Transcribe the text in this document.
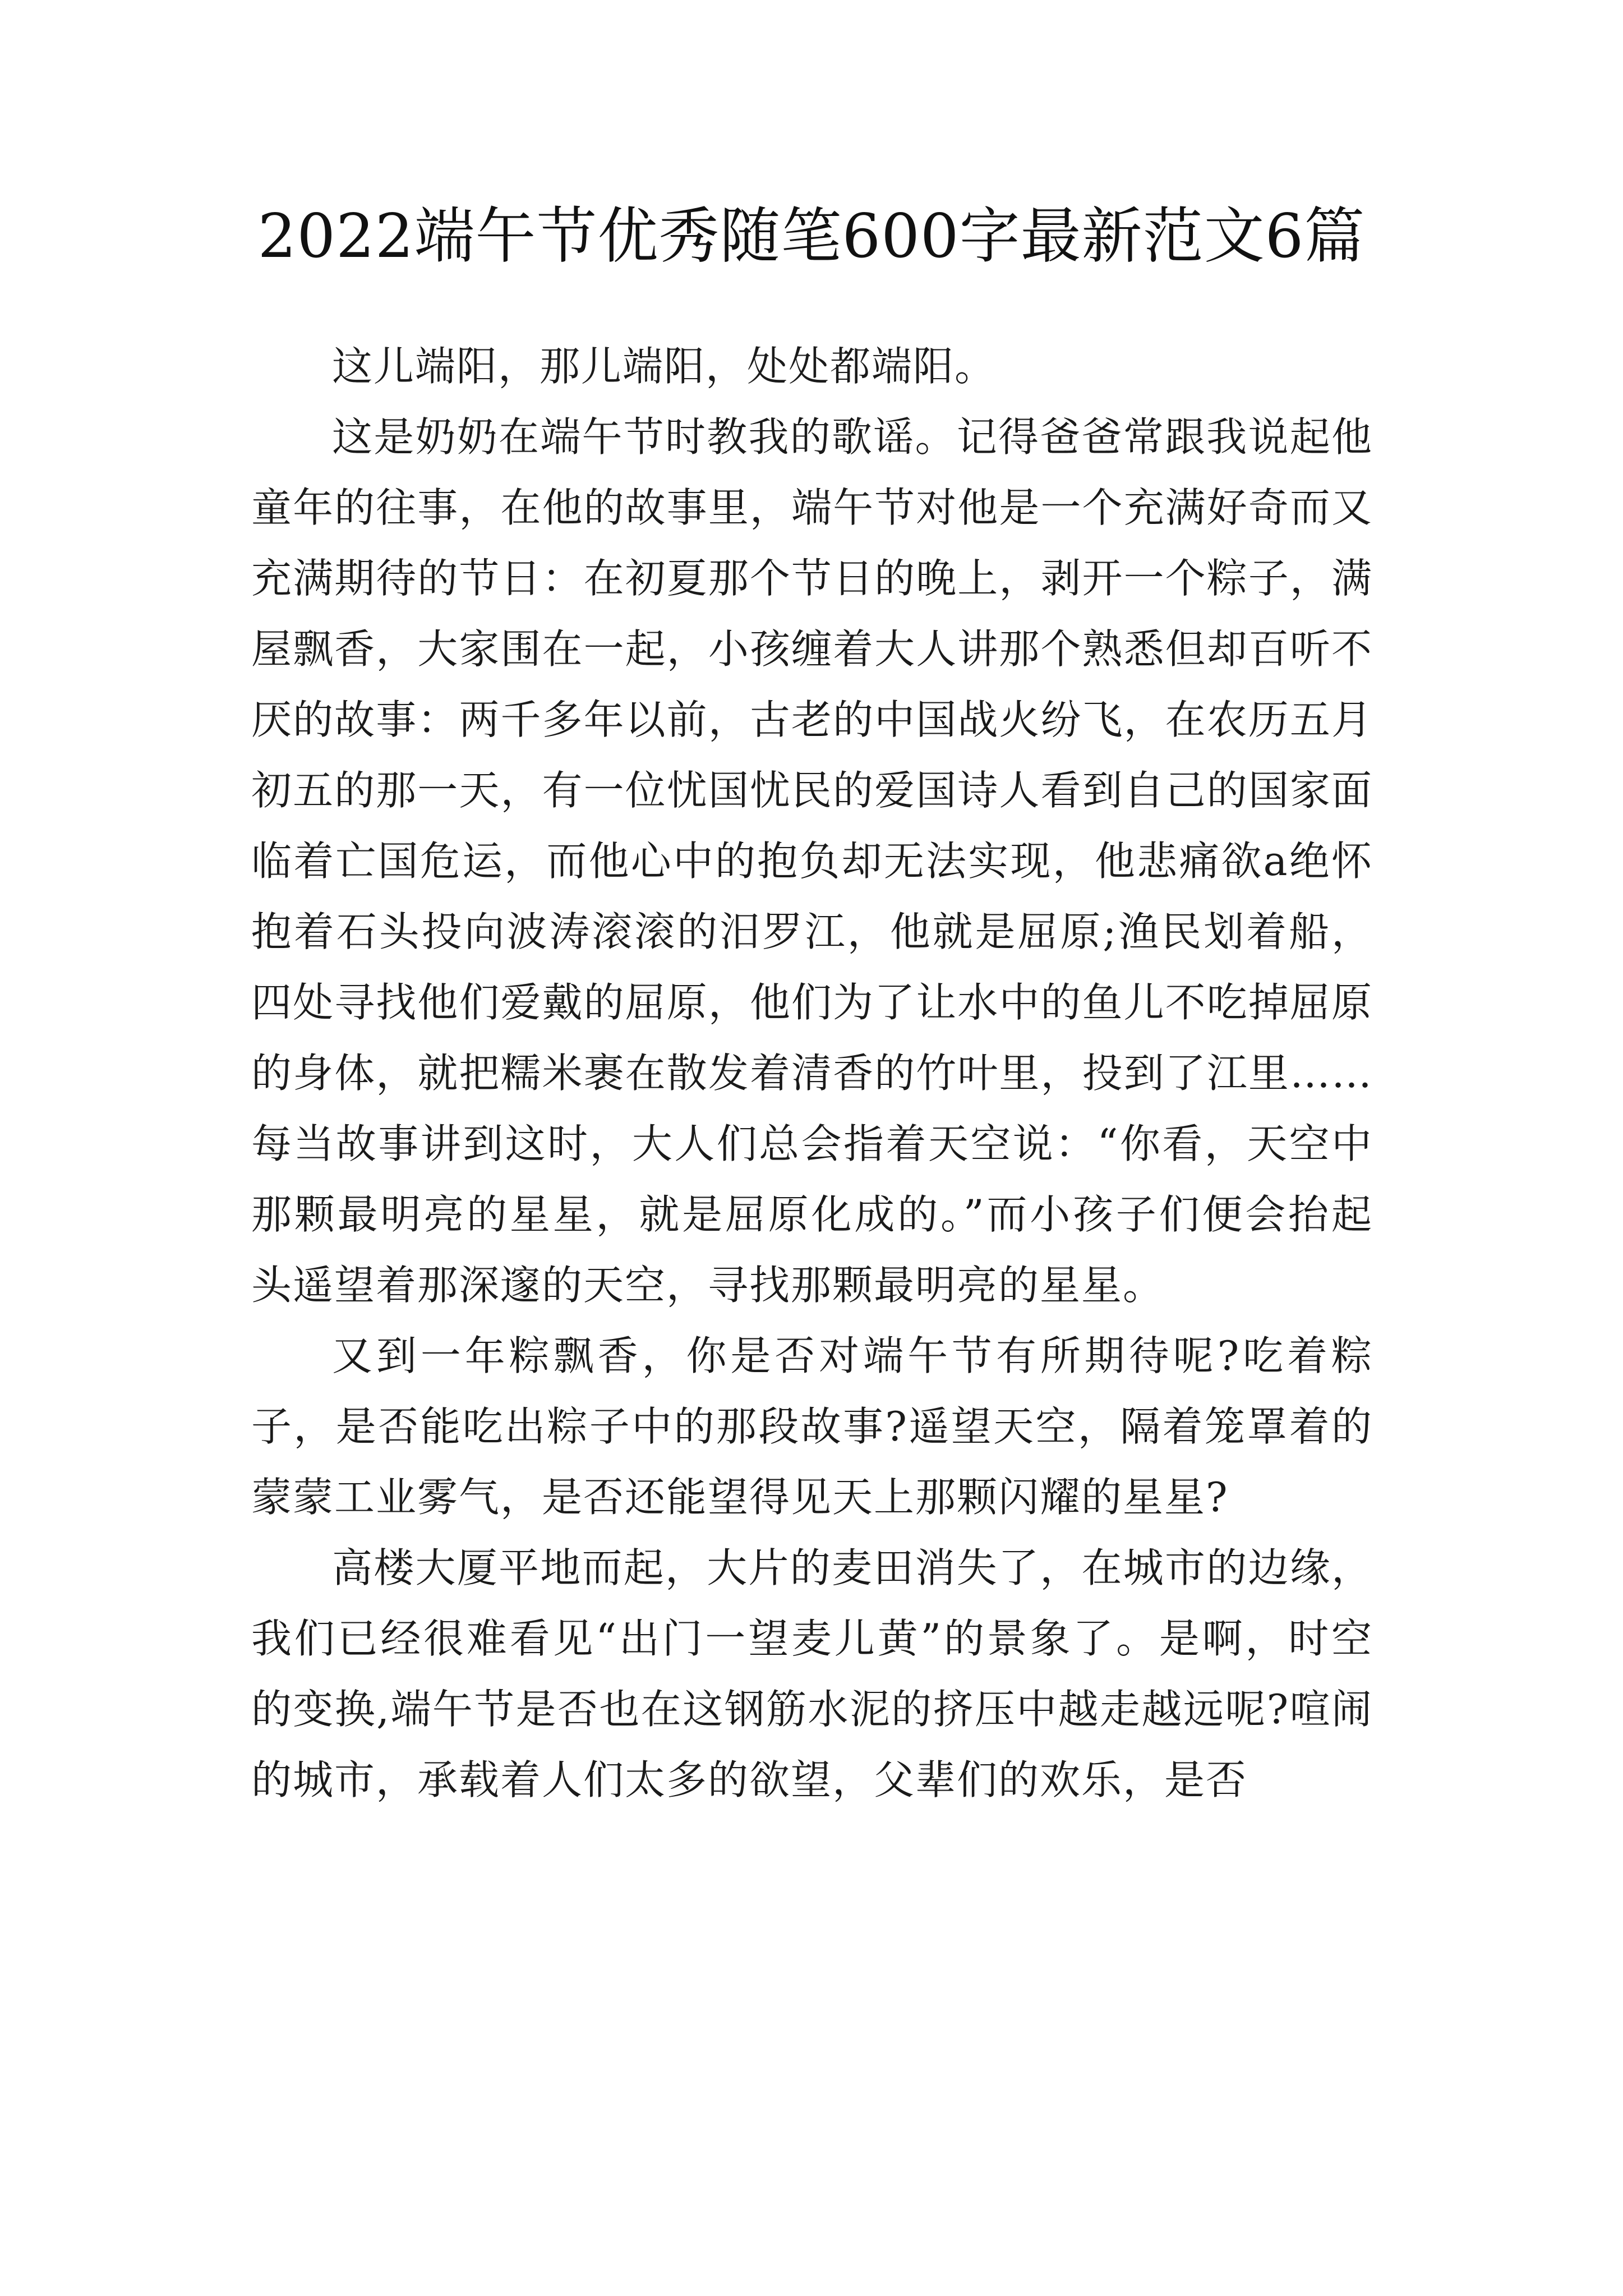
2022端午节优秀随笔600字最新范文6篇

这儿端阳，那儿端阳，处处都端阳。

这是奶奶在端午节时教我的歌谣。记得爸爸常跟我说起他童年的往事，在他的故事里，端午节对他是一个充满好奇而又充满期待的节日：在初夏那个节日的晚上，剥开一个粽子，满屋飘香，大家围在一起，小孩缠着大人讲那个熟悉但却百听不厌的故事：两千多年以前，古老的中国战火纷飞，在农历五月初五的那一天，有一位忧国忧民的爱国诗人看到自己的国家面临着亡国危运，而他心中的抱负却无法实现，他悲痛欲a绝怀抱着石头投向波涛滚滚的汨罗江，他就是屈原;渔民划着船，四处寻找他们爱戴的屈原，他们为了让水中的鱼儿不吃掉屈原的身体，就把糯米裹在散发着清香的竹叶里，投到了江里……每当故事讲到这时，大人们总会指着天空说：“你看，天空中那颗最明亮的星星，就是屈原化成的。”而小孩子们便会抬起头遥望着那深邃的天空，寻找那颗最明亮的星星。

又到一年粽飘香，你是否对端午节有所期待呢?吃着粽子，是否能吃出粽子中的那段故事?遥望天空，隔着笼罩着的蒙蒙工业雾气，是否还能望得见天上那颗闪耀的星星?

高楼大厦平地而起，大片的麦田消失了，在城市的边缘，我们已经很难看见“出门一望麦儿黄”的景象了。是啊，时空的变换,端午节是否也在这钢筋水泥的挤压中越走越远呢?喧闹的城市，承载着人们太多的欲望，父辈们的欢乐，是否
